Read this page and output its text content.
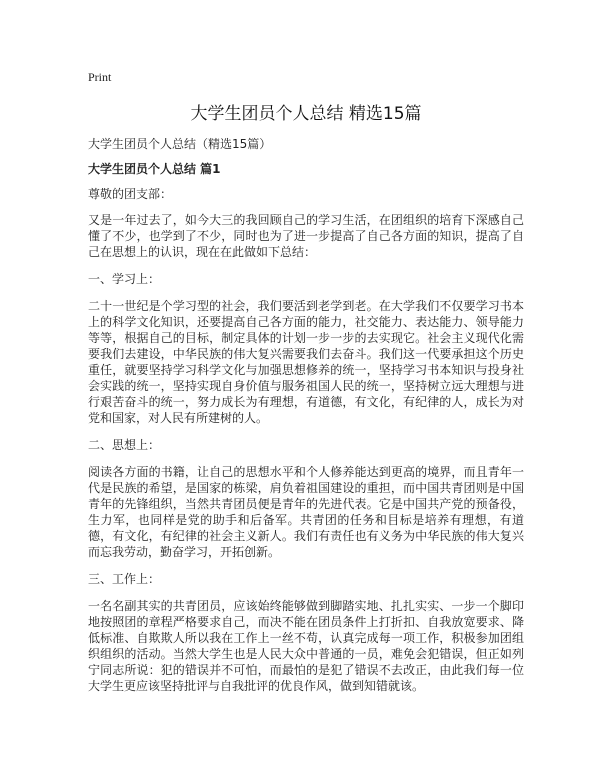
Print
大学生团员个人总结 精选15篇

大学生团员个人总结（精选15篇）

大学生团员个人总结 篇1

尊敬的团支部：

又是一年过去了，如今大三的我回顾自己的学习生活，在团组织的培育下深感自己懂了不少，也学到了不少，同时也为了进一步提高了自己各方面的知识，提高了自己在思想上的认识，现在在此做如下总结：

一、学习上：

二十一世纪是个学习型的社会，我们要活到老学到老。在大学我们不仅要学习书本上的科学文化知识，还要提高自己各方面的能力，社交能力、表达能力、领导能力等等，根据自己的目标，制定具体的计划一步一步的去实现它。社会主义现代化需要我们去建设，中华民族的伟大复兴需要我们去奋斗。我们这一代要承担这个历史重任，就要坚持学习科学文化与加强思想修养的统一，坚持学习书本知识与投身社会实践的统一，坚持实现自身价值与服务祖国人民的统一，坚持树立远大理想与进行艰苦奋斗的统一，努力成长为有理想，有道德，有文化，有纪律的人，成长为对党和国家，对人民有所建树的人。

二、思想上：

阅读各方面的书籍，让自己的思想水平和个人修养能达到更高的境界，而且青年一代是民族的希望，是国家的栋梁，肩负着祖国建设的重担，而中国共青团则是中国青年的先锋组织，当然共青团员便是青年的先进代表。它是中国共产党的预备役，生力军，也同样是党的助手和后备军。共青团的任务和目标是培养有理想，有道德，有文化，有纪律的社会主义新人。我们有责任也有义务为中华民族的伟大复兴而忘我劳动，勤奋学习，开拓创新。

三、工作上：

一名名副其实的共青团员，应该始终能够做到脚踏实地、扎扎实实、一步一个脚印地按照团的章程严格要求自己，而决不能在团员条件上打折扣、自我放宽要求、降低标准、自欺欺人所以我在工作上一丝不苟，认真完成每一项工作，积极参加团组织组织的活动。当然大学生也是人民大众中普通的一员，难免会犯错误，但正如列宁同志所说：犯的错误并不可怕，而最怕的是犯了错误不去改正，由此我们每一位大学生更应该坚持批评与自我批评的优良作风，做到知错就该。
